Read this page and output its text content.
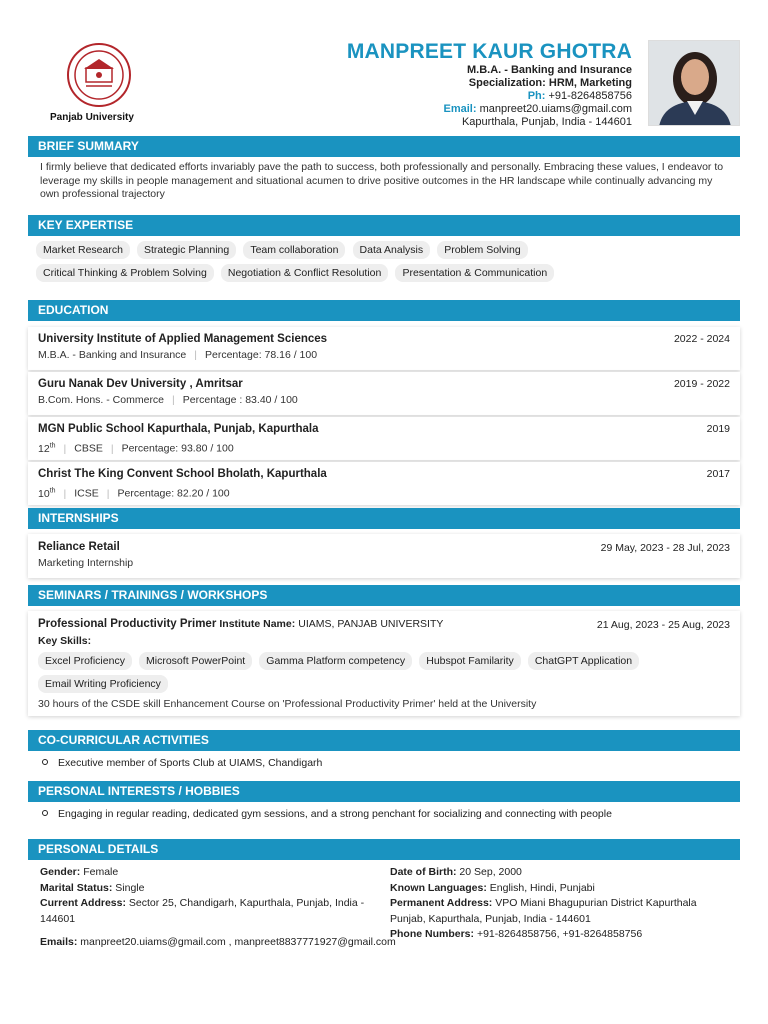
Panjab University
MANPREET KAUR GHOTRA
M.B.A. - Banking and Insurance
Specialization: HRM, Marketing
Ph: +91-8264858756
Email: manpreet20.uiams@gmail.com
Kapurthala, Punjab, India - 144601
BRIEF SUMMARY
I firmly believe that dedicated efforts invariably pave the path to success, both professionally and personally. Embracing these values, I endeavor to leverage my skills in people management and situational acumen to drive positive outcomes in the HR landscape while continually advancing my own professional trajectory
KEY EXPERTISE
Market Research Strategic Planning Team collaboration Data Analysis Problem Solving
Critical Thinking & Problem Solving Negotiation & Conflict Resolution Presentation & Communication
EDUCATION
University Institute of Applied Management Sciences
M.B.A. - Banking and Insurance | Percentage: 78.16 / 100
2022 - 2024
Guru Nanak Dev University , Amritsar
B.Com. Hons. - Commerce | Percentage : 83.40 / 100
2019 - 2022
MGN Public School Kapurthala, Punjab, Kapurthala
12th | CBSE | Percentage: 93.80 / 100
2019
Christ The King Convent School Bholath, Kapurthala
10th | ICSE | Percentage: 82.20 / 100
2017
INTERNSHIPS
Reliance Retail
Marketing Internship
29 May, 2023 - 28 Jul, 2023
SEMINARS / TRAININGS / WORKSHOPS
Professional Productivity Primer Institute Name: UIAMS, PANJAB UNIVERSITY	21 Aug, 2023 - 25 Aug, 2023
Key Skills:
Excel Proficiency Microsoft PowerPoint Gamma Platform competency Hubspot Familarity ChatGPT Application
Email Writing Proficiency
30 hours of the CSDE skill Enhancement Course on 'Professional Productivity Primer' held at the University
CO-CURRICULAR ACTIVITIES
Executive member of Sports Club at UIAMS, Chandigarh
PERSONAL INTERESTS / HOBBIES
Engaging in regular reading, dedicated gym sessions, and a strong penchant for socializing and connecting with people
PERSONAL DETAILS
Gender: Female
Marital Status: Single
Current Address: Sector 25, Chandigarh, Kapurthala, Punjab, India - 144601
Date of Birth: 20 Sep, 2000
Known Languages: English, Hindi, Punjabi
Permanent Address: VPO Miani Bhagupurian District Kapurthala Punjab, Kapurthala, Punjab, India - 144601
Phone Numbers: +91-8264858756, +91-8264858756
Emails: manpreet20.uiams@gmail.com , manpreet8837771927@gmail.com
